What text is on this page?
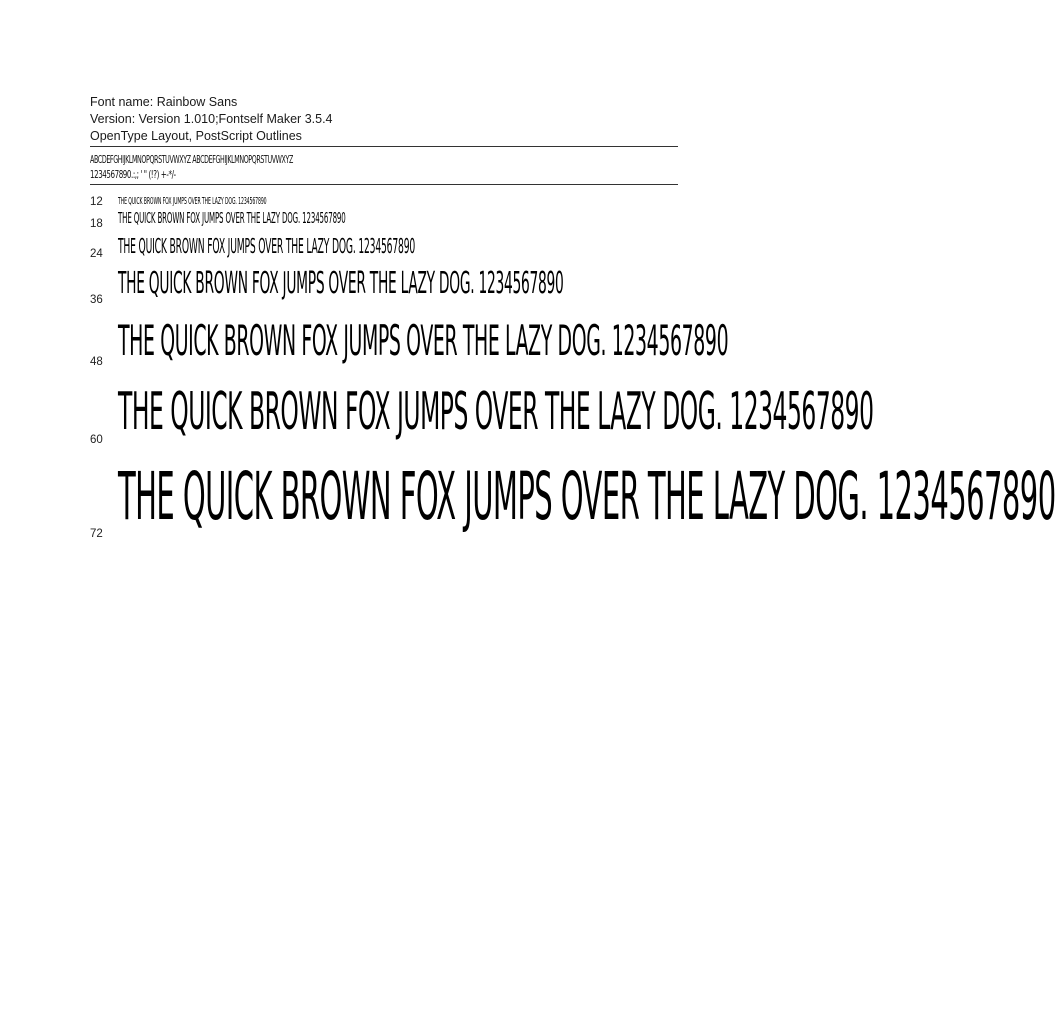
Font name: Rainbow Sans
Version: Version 1.010;Fontself Maker 3.5.4
OpenType Layout, PostScript Outlines
ABCDEFGHIJKLMNOPQRSTUVWXYZ ABCDEFGHIJKLMNOPQRSTUVWXYZ
1234567890.:,; ' " (!?) +-*/-
12 THE QUICK BROWN FOX JUMPS OVER THE LAZY DOG. 1234567890
18 THE QUICK BROWN FOX JUMPS OVER THE LAZY DOG. 1234567890
24 THE QUICK BROWN FOX JUMPS OVER THE LAZY DOG. 1234567890
36 THE QUICK BROWN FOX JUMPS OVER THE LAZY DOG. 1234567890
48 THE QUICK BROWN FOX JUMPS OVER THE LAZY DOG. 1234567890
60 THE QUICK BROWN FOX JUMPS OVER THE LAZY DOG. 1234567890
72 THE QUICK BROWN FOX JUMPS OVER THE LAZY DOG. 1234567890
